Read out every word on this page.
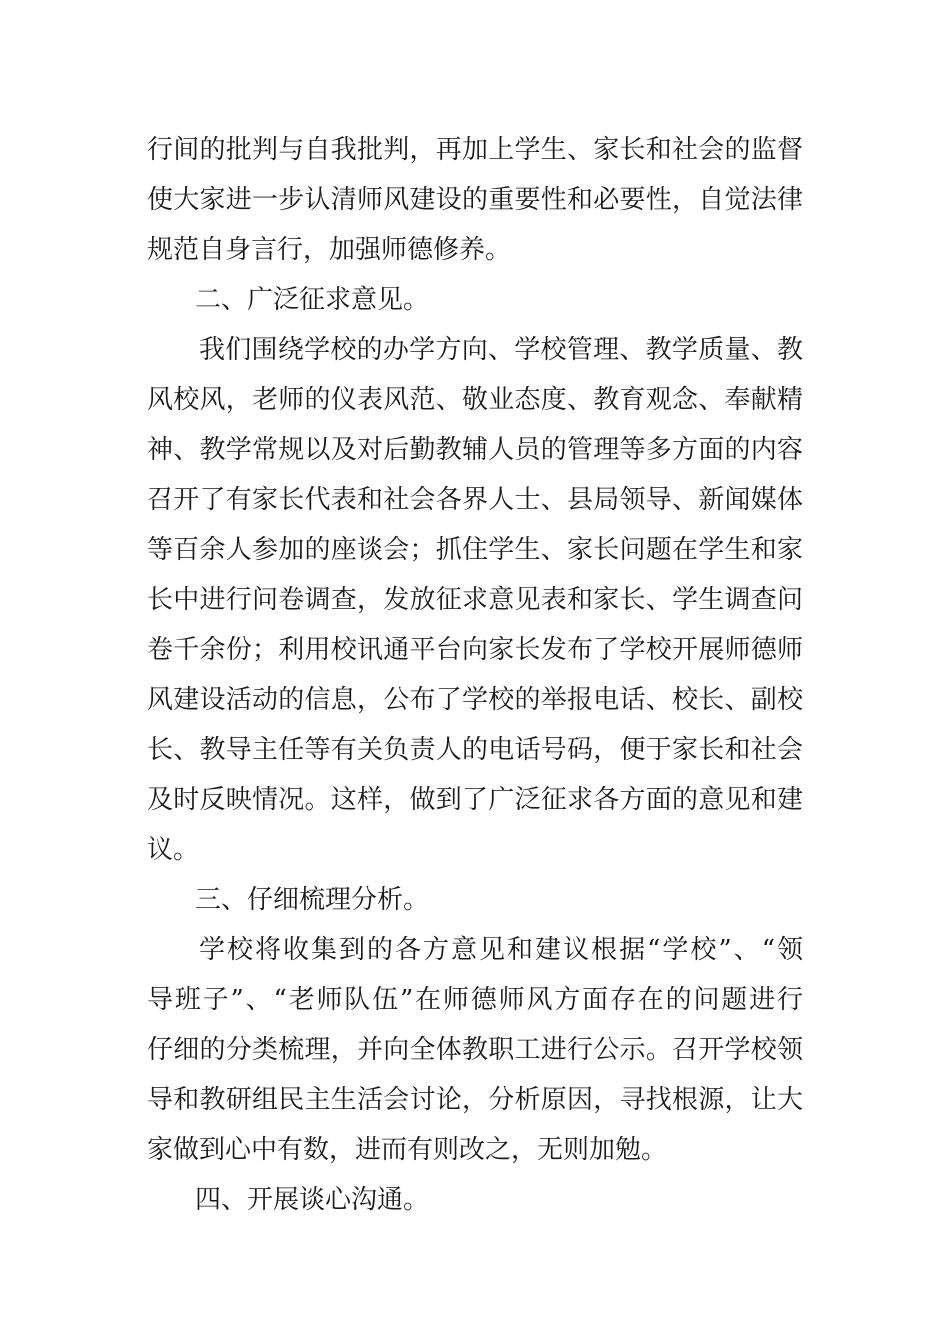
行间的批判与自我批判，再加上学生、家长和社会的监督
使大家进一步认清师风建设的重要性和必要性，自觉法律
规范自身言行，加强师德修养。
二、广泛征求意见。
我们围绕学校的办学方向、学校管理、教学质量、教
风校风，老师的仪表风范、敬业态度、教育观念、奉献精
神、教学常规以及对后勤教辅人员的管理等多方面的内容
召开了有家长代表和社会各界人士、县局领导、新闻媒体
等百余人参加的座谈会；抓住学生、家长问题在学生和家
长中进行问卷调查，发放征求意见表和家长、学生调查问
卷千余份；利用校讯通平台向家长发布了学校开展师德师
风建设活动的信息，公布了学校的举报电话、校长、副校
长、教导主任等有关负责人的电话号码，便于家长和社会
及时反映情况。这样，做到了广泛征求各方面的意见和建
议。
三、仔细梳理分析。
学校将收集到的各方意见和建议根据“学校”、“领
导班子”、“老师队伍”在师德师风方面存在的问题进行
仔细的分类梳理，并向全体教职工进行公示。召开学校领
导和教研组民主生活会讨论，分析原因，寻找根源，让大
家做到心中有数，进而有则改之，无则加勉。
四、开展谈心沟通。
